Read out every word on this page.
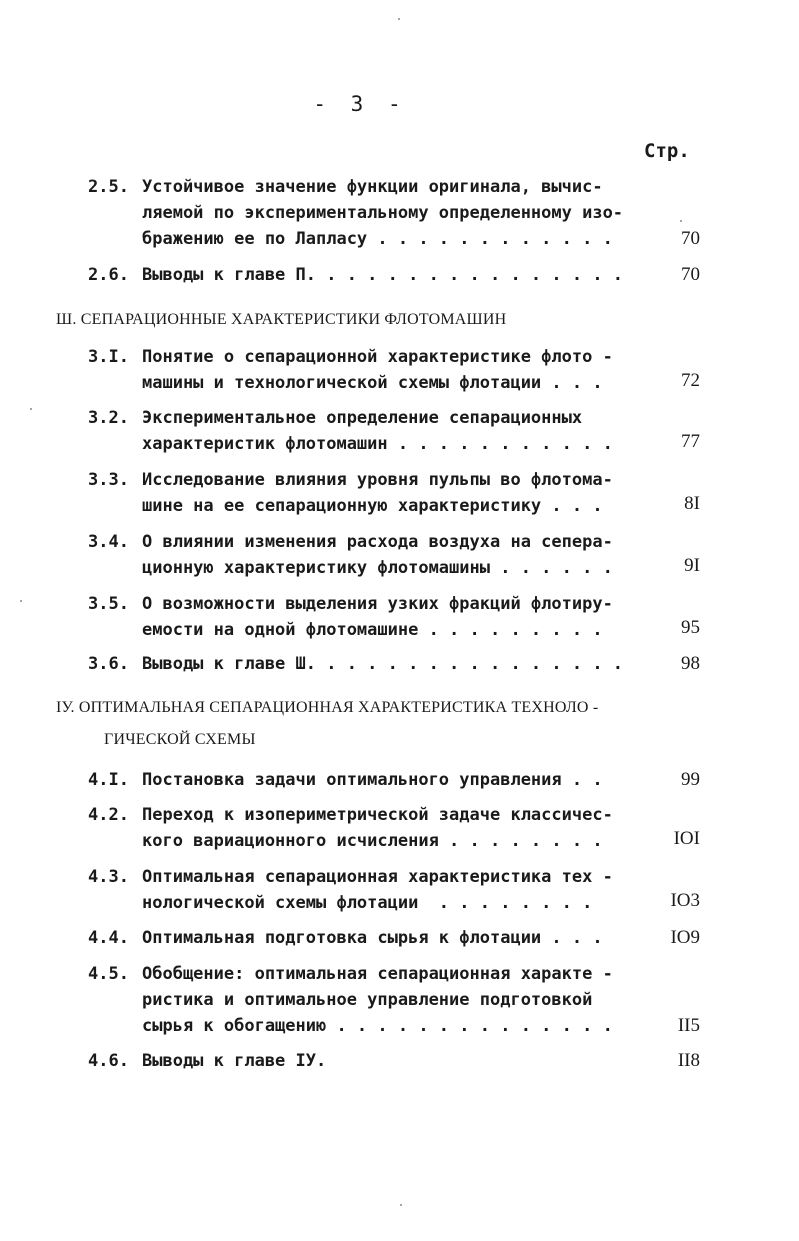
- 3 -
Стр.
2.5. Устойчивое значение функции оригинала, вычис-
ляемой по экспериментальному определенному изо-
бражению ее по Лапласу . . . . . . . . . . . .	70
2.6. Выводы к главе П. . . . . . . . . . . . . . . .	70
Ш. СЕПАРАЦИОННЫЕ ХАРАКТЕРИСТИКИ ФЛОТОМАШИН
3.I. Понятие о сепарационной характеристике флото -
машины и технологической схемы флотации . . .	72
3.2. Экспериментальное определение сепарационных
характеристик флотомашин . . . . . . . . . . .	77
3.3. Исследование влияния уровня пульпы во флотома-
шине на ее сепарационную характеристику . . .	8I
3.4. О влиянии изменения расхода воздуха на сепера-
ционную характеристику флотомашины . . . . . .	9I
3.5. О возможности выделения узких фракций флотиру-
емости на одной флотомашине . . . . . . . . .	95
3.6. Выводы к главе Ш. . . . . . . . . . . . . . . .	98
IУ. ОПТИМАЛЬНАЯ СЕПАРАЦИОННАЯ ХАРАКТЕРИСТИКА ТЕХНОЛО -
ГИЧЕСКОЙ СХЕМЫ
4.I. Постановка задачи оптимального управления . .	99
4.2. Переход к изопериметрической задаче классичес-
кого вариационного исчисления . . . . . . . .	IOI
4.3. Оптимальная сепарационная характеристика тех -
нологической схемы флотации  . . . . . . . .	IO3
4.4. Оптимальная подготовка сырья к флотации . . .	IO9
4.5. Обобщение: оптимальная сепарационная характе -
ристика и оптимальное управление подготовкой
сырья к обогащению . . . . . . . . . . . . . .	II5
4.6. Выводы к главе IУ.	II8
